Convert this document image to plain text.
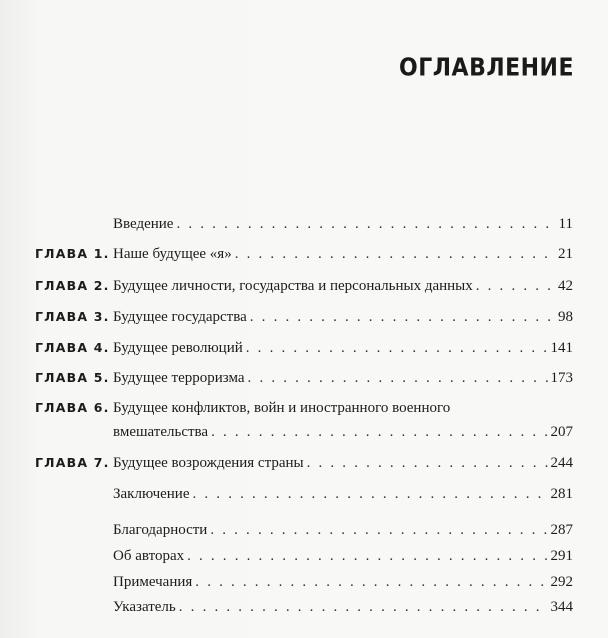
ОГЛАВЛЕНИЕ
Введение . . .	11
ГЛАВА 1. Наше будущее «я» . . .	21
ГЛАВА 2. Будущее личности, государства и персональных данных . . .	42
ГЛАВА 3. Будущее государства . . .	98
ГЛАВА 4. Будущее революций . . .	141
ГЛАВА 5. Будущее терроризма . . .	173
ГЛАВА 6. Будущее конфликтов, войн и иностранного военного
вмешательства . . .	207
ГЛАВА 7. Будущее возрождения страны . . .	244
Заключение . . .	281
Благодарности . . .	287
Об авторах . . .	291
Примечания . . .	292
Указатель . . .	344
